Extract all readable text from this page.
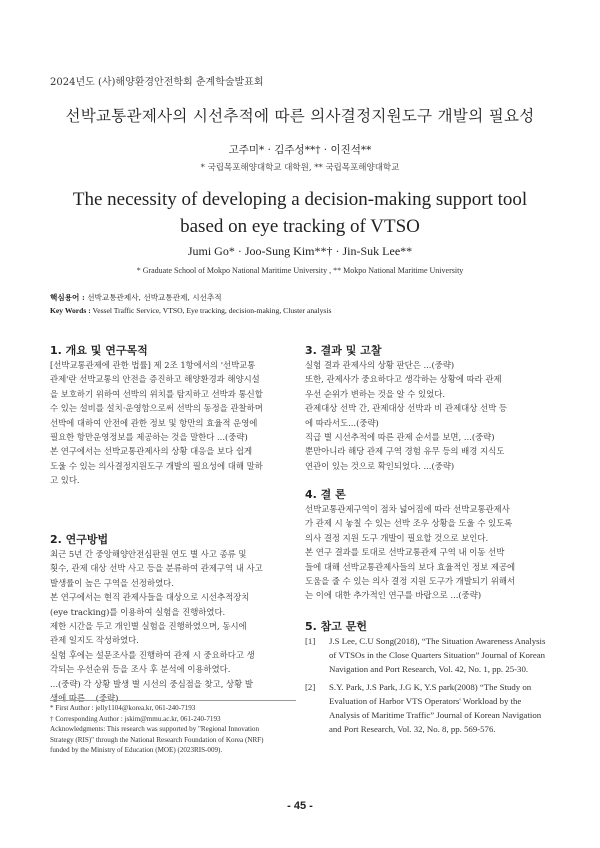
2024년도 (사)해양환경안전학회 춘계학술발표회
선박교통관제사의 시선추적에 따른 의사결정지원도구 개발의 필요성
고주미* · 김주성**† · 이진석**
* 국립목포해양대학교 대학원, ** 국립목포해양대학교
The necessity of developing a decision-making support tool
based on eye tracking of VTSO
Jumi Go* · Joo-Sung Kim**† · Jin-Suk Lee**
* Graduate School of Mokpo National Maritime University , ** Mokpo National Maritime University
핵심용어 : 선박교통관제사, 선박교통관제, 시선추적
Key Words : Vessel Traffic Service, VTSO, Eye tracking, decision-making, Cluster analysis
1. 개요 및 연구목적
[선박교통관제에 관한 법률] 제 2조 1항에서의 '선박교통
관제'란 선박교통의 안전을 증진하고 해양환경과 해양시설
을 보호하기 위하여 선박의 위치를 탐지하고 선박과 통신할
수 있는 설비를 설치·운영함으로써 선박의 동정을 관찰하며
선박에 대하여 안전에 관한 정보 및 항만의 효율적 운영에
필요한 항만운영정보를 제공하는 것을 말한다 ...(중략)
본 연구에서는 선박교통관제사의 상황 대응을 보다 쉽게
도울 수 있는 의사결정지원도구 개발의 필요성에 대해 말하
고 있다.
2. 연구방법
최근 5년 간 중앙해양안전심판원 연도 별 사고 종류 및
횟수, 관제 대상 선박 사고 등을 분류하여 관제구역 내 사고
발생률이 높은 구역을 선정하였다.
본 연구에서는 현직 관제사들을 대상으로 시선추적장치
(eye tracking)를 이용하여 실험을 진행하였다.
제한 시간을 두고 개인별 실험을 진행하였으며, 동시에
관제 일지도 작성하였다.
실험 후에는 설문조사를 진행하여 관제 시 중요하다고 생
각되는 우선순위 등을 조사 후 분석에 이용하였다.
...(중략) 각 상황 발생 별 시선의 중심점을 찾고, 상황 발
생에 따른 ...(중략)
* First Author : jelly1104@korea.kr, 061-240-7193
† Corresponding Author : jskim@mmu.ac.kr, 061-240-7193
Acknowledgments: This research was supported by "Regional Innovation
Strategy (RIS)" through the National Research Foundation of Korea (NRF)
funded by the Ministry of Education (MOE) (2023RIS-009).
3. 결과 및 고찰
실험 결과 관제사의 상황 판단은 ...(중략)
또한, 관제사가 중요하다고 생각하는 상황에 따라 관제
우선 순위가 변하는 것을 알 수 있었다.
관제대상 선박 간, 관제대상 선박과 비 관제대상 선박 등
에 따라서도...(중략)
직급 별 시선추적에 따른 관제 순서를 보면, ...(중략)
뿐만아니라 해당 관제 구역 경험 유무 등의 배경 지식도
연관이 있는 것으로 확인되었다. ...(중략)
4. 결 론
선박교통관제구역이 점차 넓어짐에 따라 선박교통관제사
가 관제 시 놓칠 수 있는 선박 조우 상황을 도울 수 있도록
의사 결정 지원 도구 개발이 필요할 것으로 보인다.
본 연구 결과를 토대로 선박교통관제 구역 내 이동 선박
들에 대해 선박교통관제사들의 보다 효율적인 정보 제공에
도움을 줄 수 있는 의사 결정 지원 도구가 개발되기 위해서
는 이에 대한 추가적인 연구를 바랍으로 ...(중략)
5. 참고 문헌
[1] J.S Lee, C.U Song(2018), “The Situation Awareness Analysis
of VTSOs in the Close Quarters Situation” Journal of Korean
Navigation and Port Research, Vol. 42, No. 1, pp. 25-30.
[2] S.Y. Park, J.S Park, J.G K, Y.S park(2008) “The Study on
Evaluation of Harbor VTS Operators' Workload by the
Analysis of Maritime Traffic” Journal of Korean Navigation
and Port Research, Vol. 32, No. 8, pp. 569-576.
- 45 -
